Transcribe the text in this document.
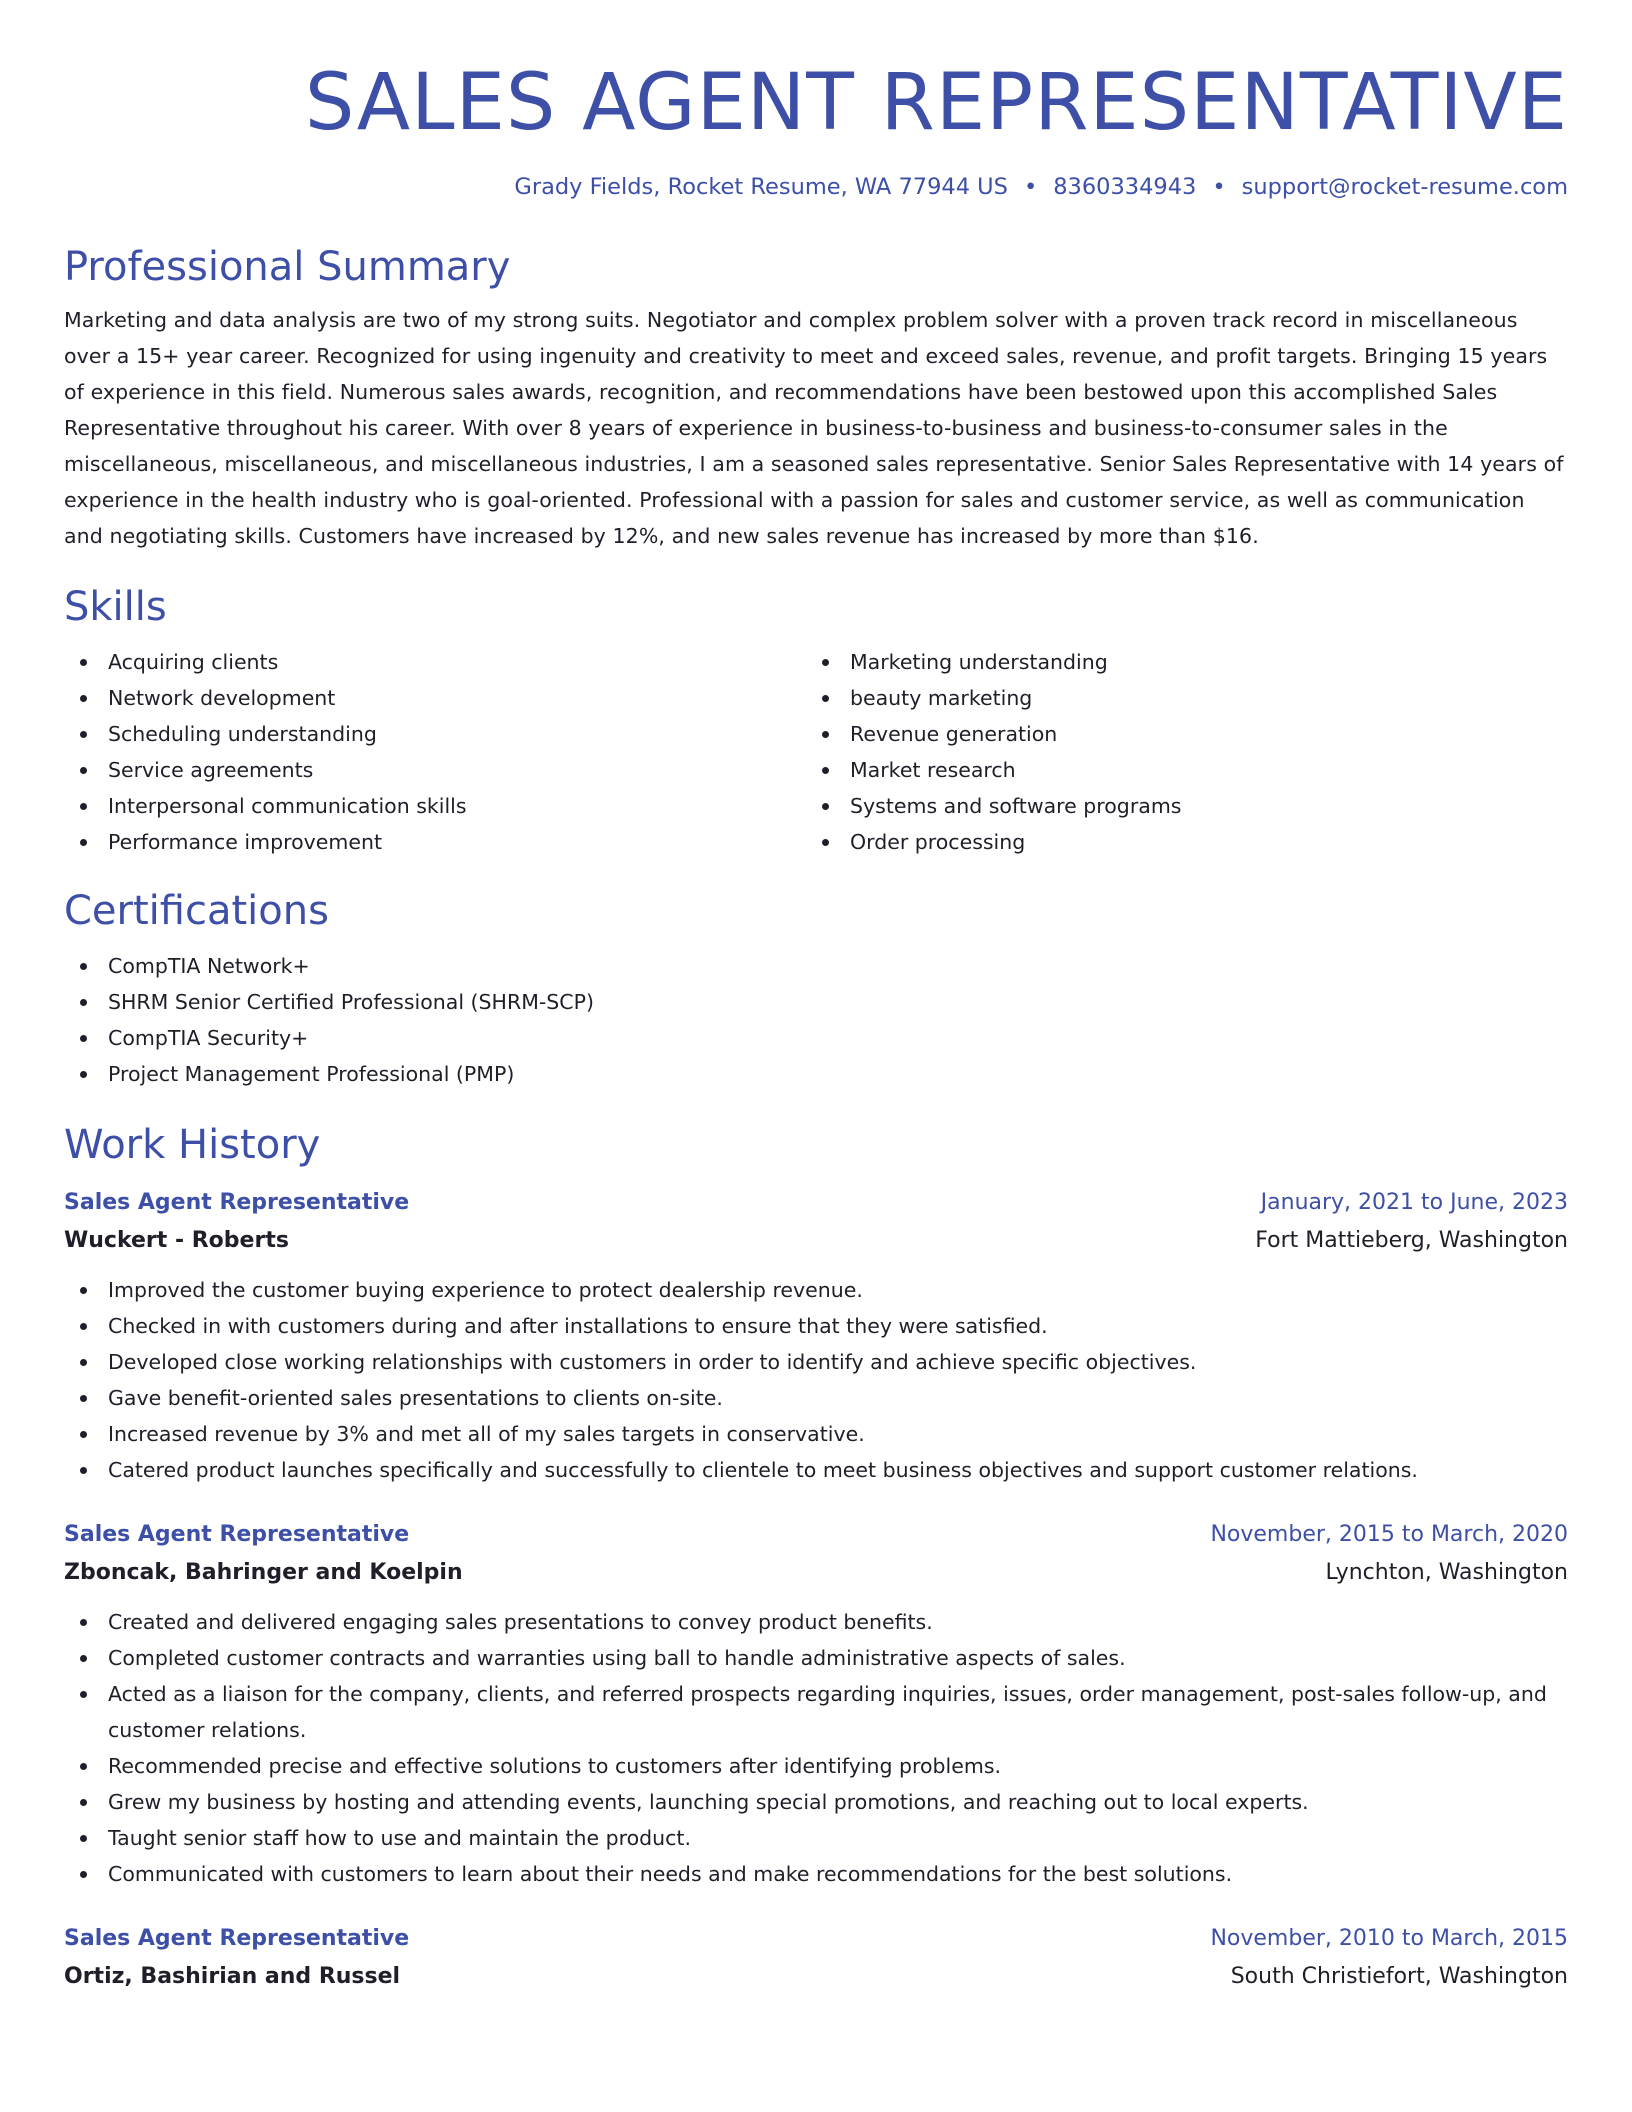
SALES AGENT REPRESENTATIVE
Grady Fields, Rocket Resume, WA 77944 US • 8360334943 • support@rocket-resume.com
Professional Summary

Marketing and data analysis are two of my strong suits. Negotiator and complex problem solver with a proven track record in miscellaneous over a 15+ year career. Recognized for using ingenuity and creativity to meet and exceed sales, revenue, and profit targets. Bringing 15 years of experience in this field. Numerous sales awards, recognition, and recommendations have been bestowed upon this accomplished Sales Representative throughout his career. With over 8 years of experience in business-to-business and business-to-consumer sales in the miscellaneous, miscellaneous, and miscellaneous industries, I am a seasoned sales representative. Senior Sales Representative with 14 years of experience in the health industry who is goal-oriented. Professional with a passion for sales and customer service, as well as communication and negotiating skills. Customers have increased by 12%, and new sales revenue has increased by more than $16.

Skills
Acquiring clients
Network development
Scheduling understanding
Service agreements
Interpersonal communication skills
Performance improvement
Marketing understanding
beauty marketing
Revenue generation
Market research
Systems and software programs
Order processing
Certifications
CompTIA Network+
SHRM Senior Certified Professional (SHRM-SCP)
CompTIA Security+
Project Management Professional (PMP)
Work History
Sales Agent Representative	January, 2021 to June, 2023
Wuckert - Roberts	Fort Mattieberg, Washington
Improved the customer buying experience to protect dealership revenue.
Checked in with customers during and after installations to ensure that they were satisfied.
Developed close working relationships with customers in order to identify and achieve specific objectives.
Gave benefit-oriented sales presentations to clients on-site.
Increased revenue by 3% and met all of my sales targets in conservative.
Catered product launches specifically and successfully to clientele to meet business objectives and support customer relations.
Sales Agent Representative	November, 2015 to March, 2020
Zboncak, Bahringer and Koelpin	Lynchton, Washington
Created and delivered engaging sales presentations to convey product benefits.
Completed customer contracts and warranties using ball to handle administrative aspects of sales.
Acted as a liaison for the company, clients, and referred prospects regarding inquiries, issues, order management, post-sales follow-up, and customer relations.
Recommended precise and effective solutions to customers after identifying problems.
Grew my business by hosting and attending events, launching special promotions, and reaching out to local experts.
Taught senior staff how to use and maintain the product.
Communicated with customers to learn about their needs and make recommendations for the best solutions.
Sales Agent Representative	November, 2010 to March, 2015
Ortiz, Bashirian and Russel	South Christiefort, Washington
